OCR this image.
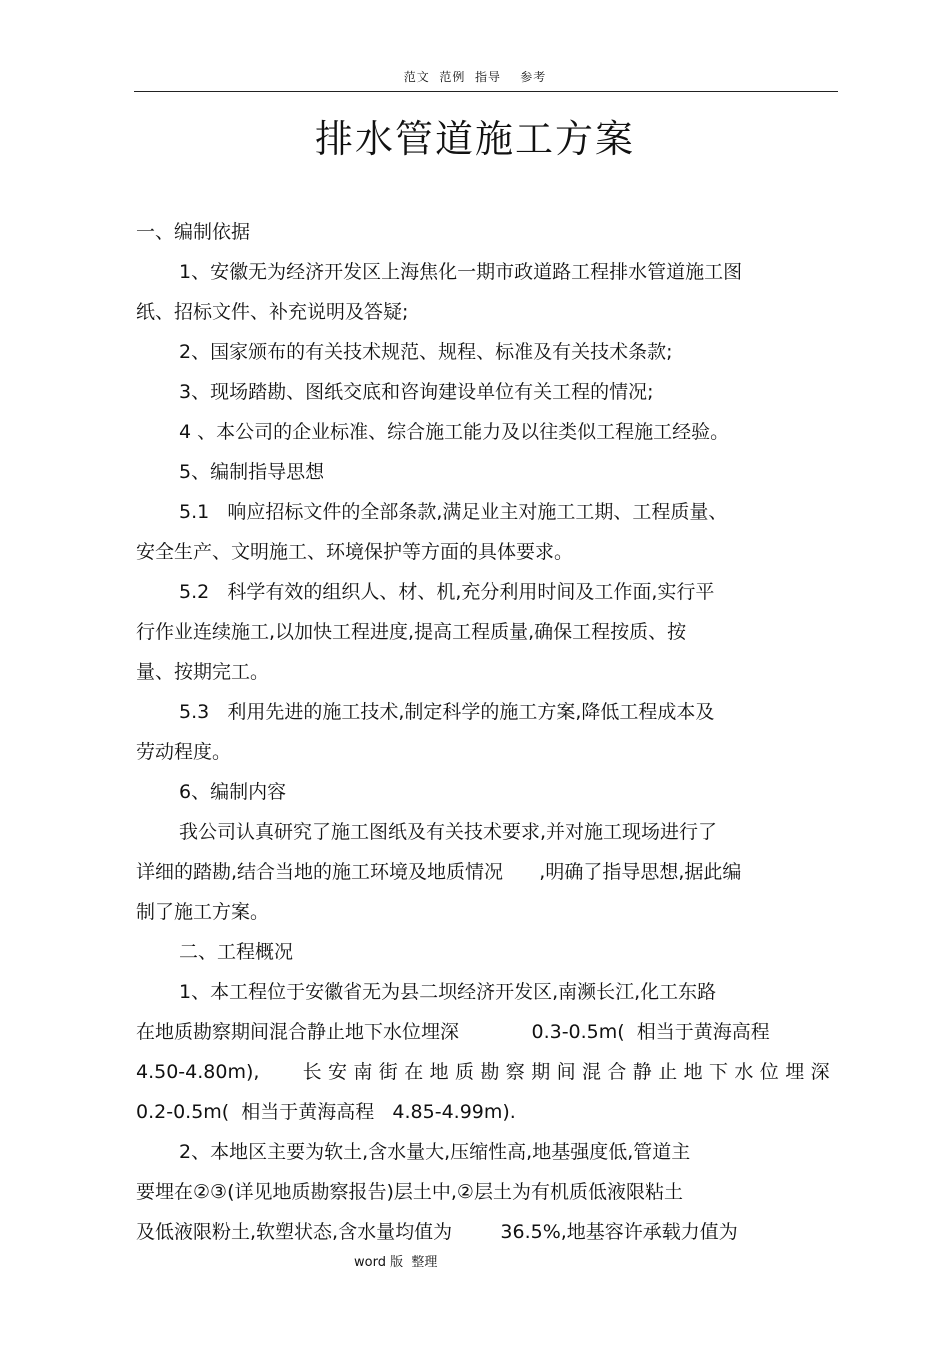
范文  范例  指导    参考
排水管道施工方案
一、编制依据
1、安徽无为经济开发区上海焦化一期市政道路工程排水管道施工图
纸、招标文件、补充说明及答疑;
2、国家颁布的有关技术规范、规程、标准及有关技术条款;
3、现场踏勘、图纸交底和咨询建设单位有关工程的情况;
4 、本公司的企业标准、综合施工能力及以往类似工程施工经验。
5、编制指导思想
5.1   响应招标文件的全部条款,满足业主对施工工期、工程质量、
安全生产、文明施工、环境保护等方面的具体要求。
5.2   科学有效的组织人、材、机,充分利用时间及工作面,实行平
行作业连续施工,以加快工程进度,提高工程质量,确保工程按质、按
量、按期完工。
5.3   利用先进的施工技术,制定科学的施工方案,降低工程成本及
劳动程度。
6、编制内容
我公司认真研究了施工图纸及有关技术要求,并对施工现场进行了
详细的踏勘,结合当地的施工环境及地质情况      ,明确了指导思想,据此编
制了施工方案。
二、工程概况
1、本工程位于安徽省无为县二坝经济开发区,南濒长江,化工东路
在地质勘察期间混合静止地下水位埋深            0.3-0.5m(  相当于黄海高程
4.50-4.80m), 长安南街在地质勘察期间混合静止地下水位埋深
0.2-0.5m(  相当于黄海高程   4.85-4.99m).
2、本地区主要为软土,含水量大,压缩性高,地基强度低,管道主
要埋在②③(详见地质勘察报告)层土中,②层土为有机质低液限粘土
及低液限粉土,软塑状态,含水量均值为        36.5%,地基容许承载力值为
word 版  整理
